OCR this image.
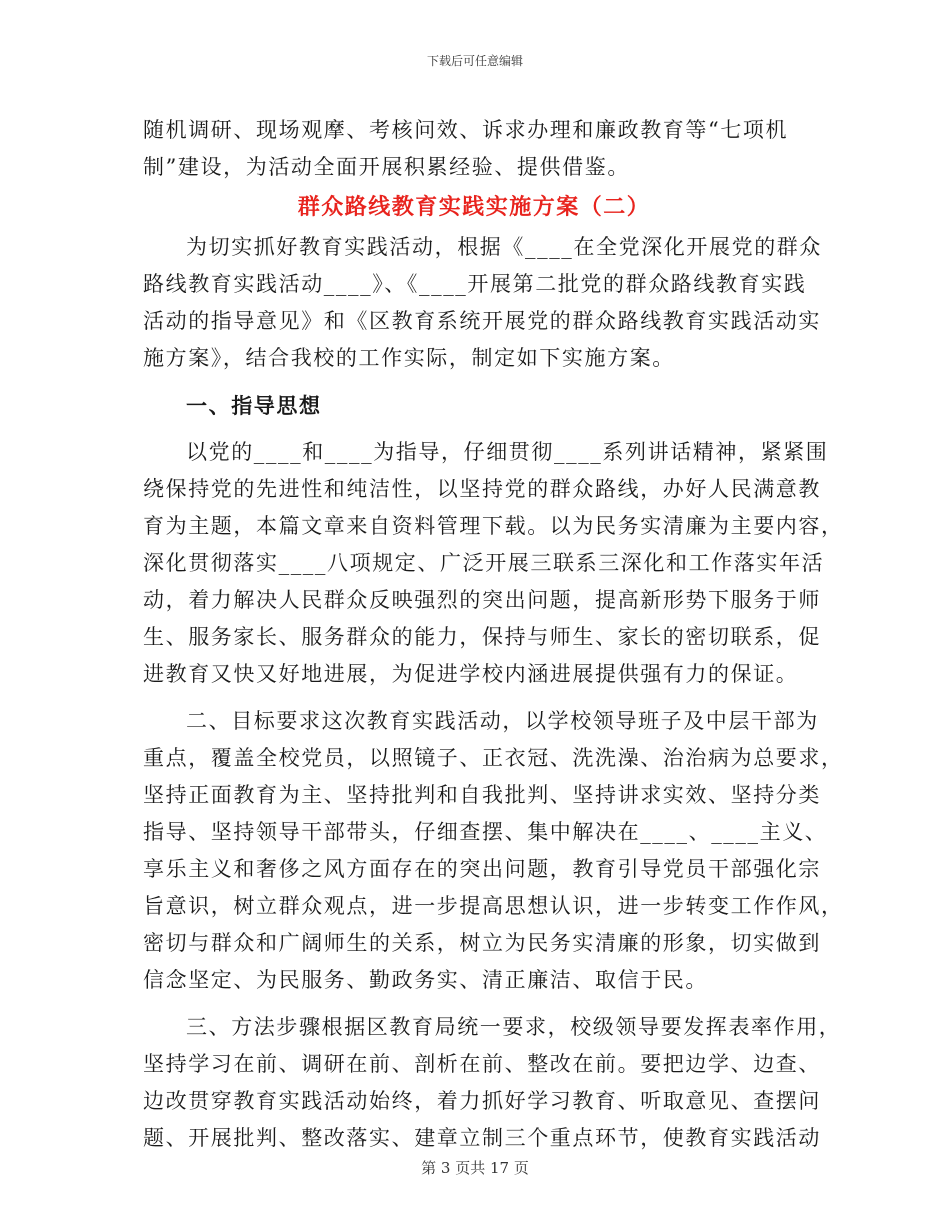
下载后可任意编辑

随机调研、现场观摩、考核问效、诉求办理和廉政教育等“七项机

制”建设，为活动全面开展积累经验、提供借鉴。

群众路线教育实践实施方案（二）

为切实抓好教育实践活动，根据《____在全党深化开展党的群众

路线教育实践活动____》、《____开展第二批党的群众路线教育实践

活动的指导意见》和《区教育系统开展党的群众路线教育实践活动实

施方案》，结合我校的工作实际，制定如下实施方案。

一、指导思想

以党的____和____为指导，仔细贯彻____系列讲话精神，紧紧围

绕保持党的先进性和纯洁性，以坚持党的群众路线，办好人民满意教

育为主题，本篇文章来自资料管理下载。以为民务实清廉为主要内容，

深化贯彻落实____八项规定、广泛开展三联系三深化和工作落实年活

动，着力解决人民群众反映强烈的突出问题，提高新形势下服务于师

生、服务家长、服务群众的能力，保持与师生、家长的密切联系，促

进教育又快又好地进展，为促进学校内涵进展提供强有力的保证。

二、目标要求这次教育实践活动，以学校领导班子及中层干部为

重点，覆盖全校党员，以照镜子、正衣冠、洗洗澡、治治病为总要求，

坚持正面教育为主、坚持批判和自我批判、坚持讲求实效、坚持分类

指导、坚持领导干部带头，仔细查摆、集中解决在____、____主义、

享乐主义和奢侈之风方面存在的突出问题，教育引导党员干部强化宗

旨意识，树立群众观点，进一步提高思想认识，进一步转变工作作风，

密切与群众和广阔师生的关系，树立为民务实清廉的形象，切实做到

信念坚定、为民服务、勤政务实、清正廉洁、取信于民。

三、方法步骤根据区教育局统一要求，校级领导要发挥表率作用，

坚持学习在前、调研在前、剖析在前、整改在前。要把边学、边查、

边改贯穿教育实践活动始终，着力抓好学习教育、听取意见、查摆问

题、开展批判、整改落实、建章立制三个重点环节，使教育实践活动

第 3 页共 17 页
